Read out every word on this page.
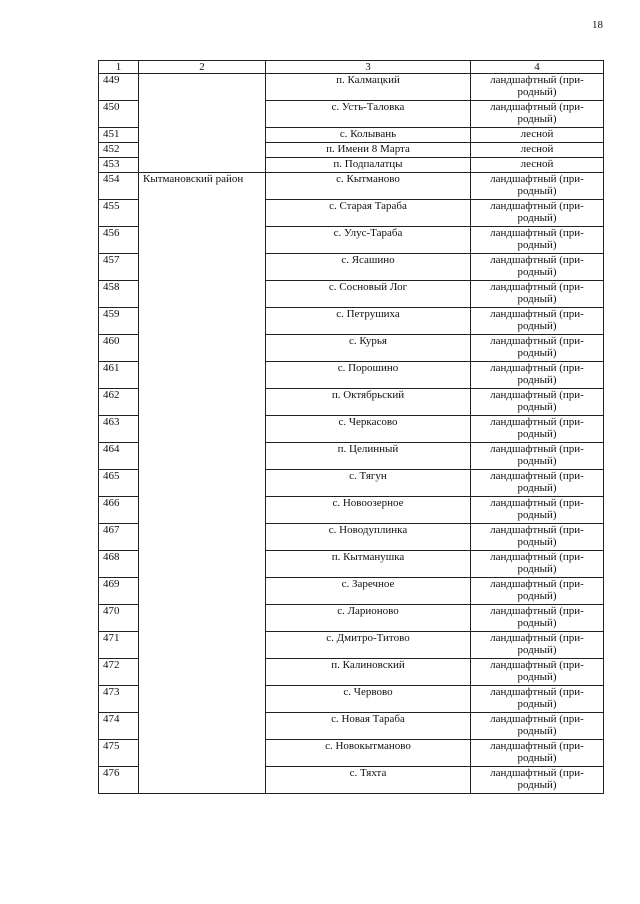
18
1	2	3	4
449		п. Калмацкий	ландшафтный (при-родный)
450		с. Усть-Таловка	ландшафтный (при-родный)
451		с. Колывань	лесной
452		п. Имени 8 Марта	лесной
453		п. Подпалатцы	лесной
454	Кытмановский район	с. Кытманово	ландшафтный (при-родный)
455		с. Старая Тараба	ландшафтный (при-родный)
456		с. Улус-Тараба	ландшафтный (при-родный)
457		с. Ясашино	ландшафтный (при-родный)
458		с. Сосновый Лог	ландшафтный (при-родный)
459		с. Петрушиха	ландшафтный (при-родный)
460		с. Курья	ландшафтный (при-родный)
461		с. Порошино	ландшафтный (при-родный)
462		п. Октябрьский	ландшафтный (при-родный)
463		с. Черкасово	ландшафтный (при-родный)
464		п. Целинный	ландшафтный (при-родный)
465		с. Тягун	ландшафтный (при-родный)
466		с. Новоозерное	ландшафтный (при-родный)
467		с. Новодуплинка	ландшафтный (при-родный)
468		п. Кытманушка	ландшафтный (при-родный)
469		с. Заречное	ландшафтный (при-родный)
470		с. Ларионово	ландшафтный (при-родный)
471		с. Дмитро-Титово	ландшафтный (при-родный)
472		п. Калиновский	ландшафтный (при-родный)
473		с. Червово	ландшафтный (при-родный)
474		с. Новая Тараба	ландшафтный (при-родный)
475		с. Новокытманово	ландшафтный (при-родный)
476		с. Тяхта	ландшафтный (при-родный)
